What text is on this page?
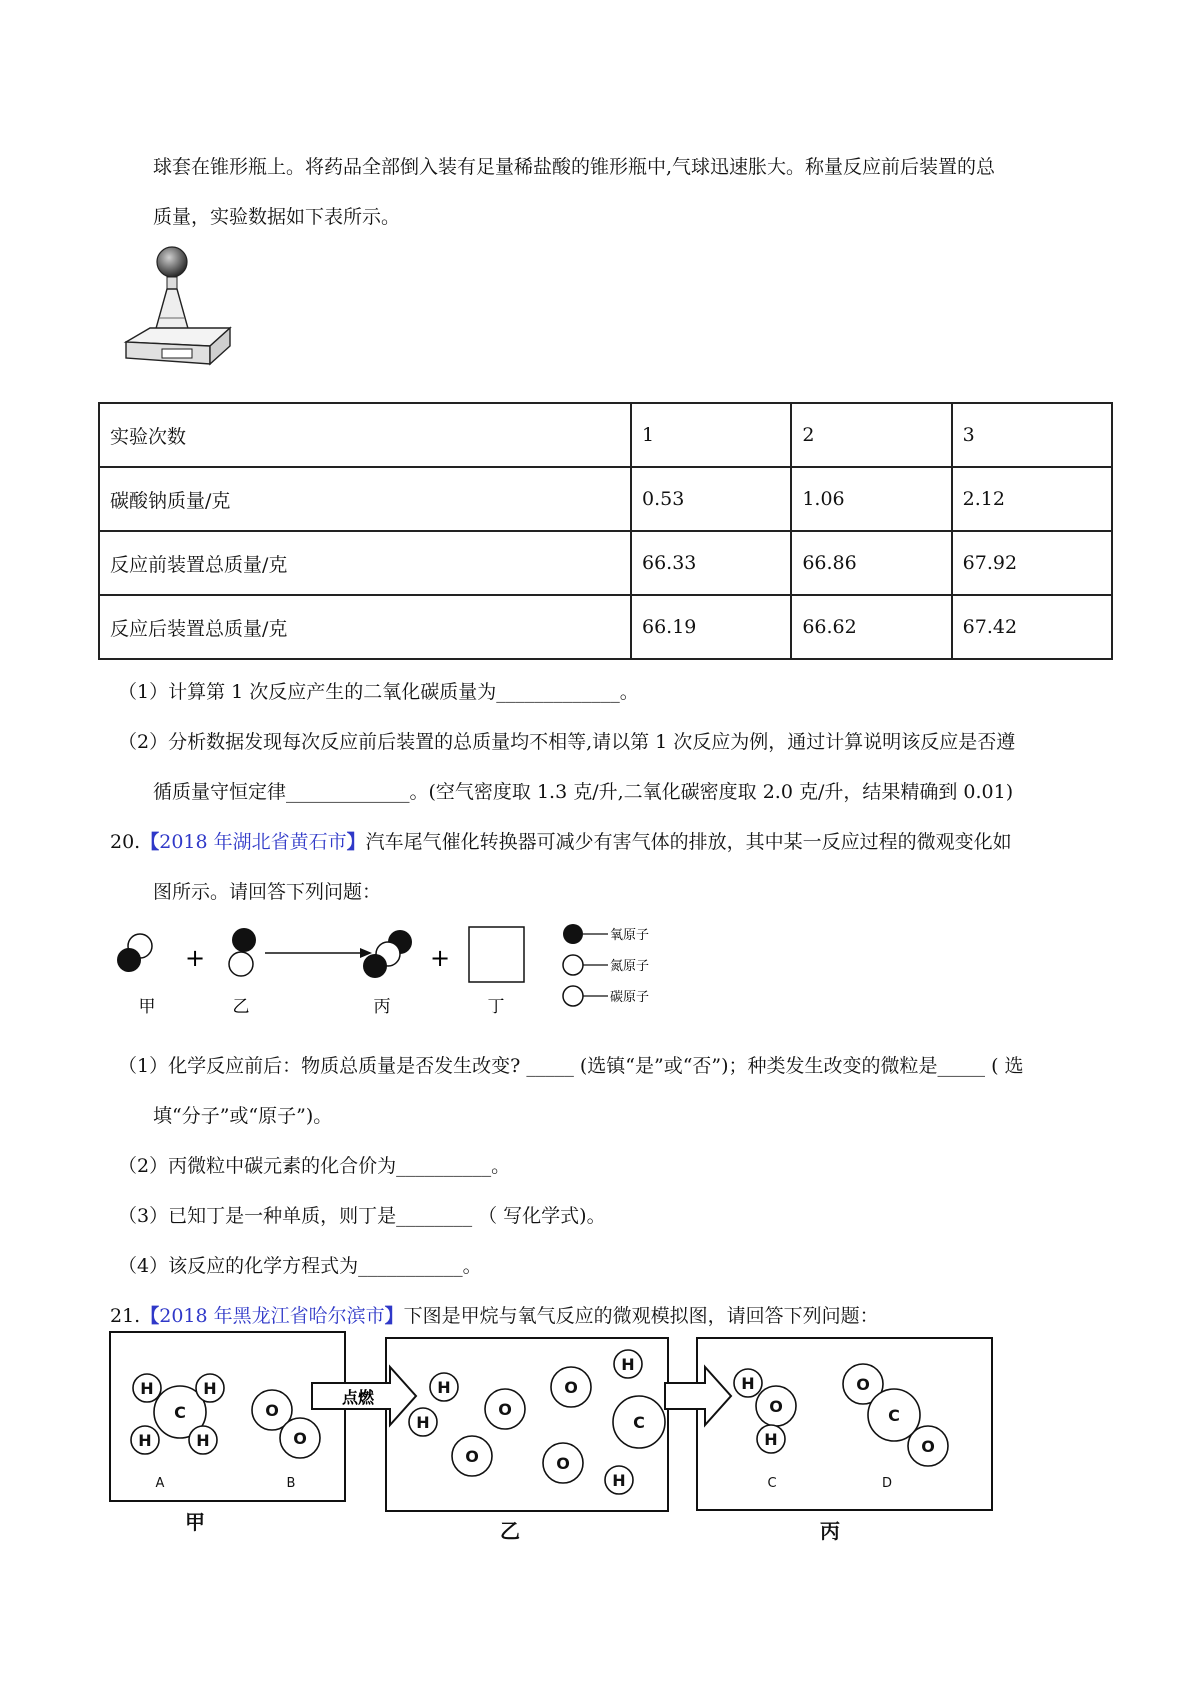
球套在锥形瓶上。将药品全部倒入装有足量稀盐酸的锥形瓶中,气球迅速胀大。称量反应前后装置的总
质量，实验数据如下表所示。
实验次数	1	2	3
碳酸钠质量/克	0.53	1.06	2.12
反应前装置总质量/克	66.33	66.86	67.92
反应后装置总质量/克	66.19	66.62	67.42
（1）计算第 1 次反应产生的二氧化碳质量为_____________。
（2）分析数据发现每次反应前后装置的总质量均不相等,请以第 1 次反应为例，通过计算说明该反应是否遵
循质量守恒定律_____________。(空气密度取 1.3 克/升,二氧化碳密度取 2.0 克/升，结果精确到 0.01)
20.【2018 年湖北省黄石市】汽车尾气催化转换器可减少有害气体的排放，其中某一反应过程的微观变化如
图所示。请回答下列问题：
+	+
甲	乙	丙	丁
氧原子
氮原子
碳原子
（1）化学反应前后：物质总质量是否发生改变? _____ (选镇“是”或“否”)；种类发生改变的微粒是_____ ( 选
填“分子”或“原子”)。
（2）丙微粒中碳元素的化合价为__________。
（3）已知丁是一种单质，则丁是________ （ 写化学式)。
（4）该反应的化学方程式为___________。
21.【2018 年黑龙江省哈尔滨市】下图是甲烷与氧气反应的微观模拟图，请回答下列问题：
点燃
C
H	H
H	H
O
O
H
H
O
O
H
C
O	O
H
H
O
H
O
O
C
A	B	C	D
甲	乙	丙
